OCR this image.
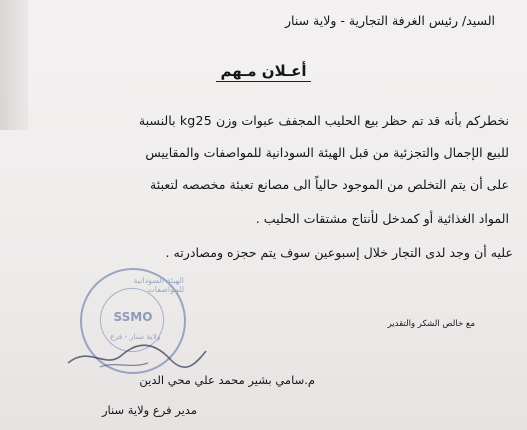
السيد/ رئيس الغرفة التجارية - ولاية سنار
أعـلان مـهم
نخطركم بأنه قد تم حظر بيع الحليب المجفف عبوات وزن kg25 بالنسبة
للبيع الإجمال والتجزئية من قبل الهيئة السودانية للمواصفات والمقاييس
على أن يتم التخلص من الموجود حالياً الى مصانع تعبئة مخصصه لتعبئة
المواد الغذائية أو كمدخل لأنتاج مشتقات الحليب .
عليه أن وجد لدى التجار خلال إسبوعين سوف يتم حجزه ومصادرته .
الهيئة السودانية للمواصفات
SSMO
ولاية سنار - فرع
مع خالص الشكر والتقدير
م.سامي بشير محمد علي محي الدين
مدير فرع ولاية سنار
